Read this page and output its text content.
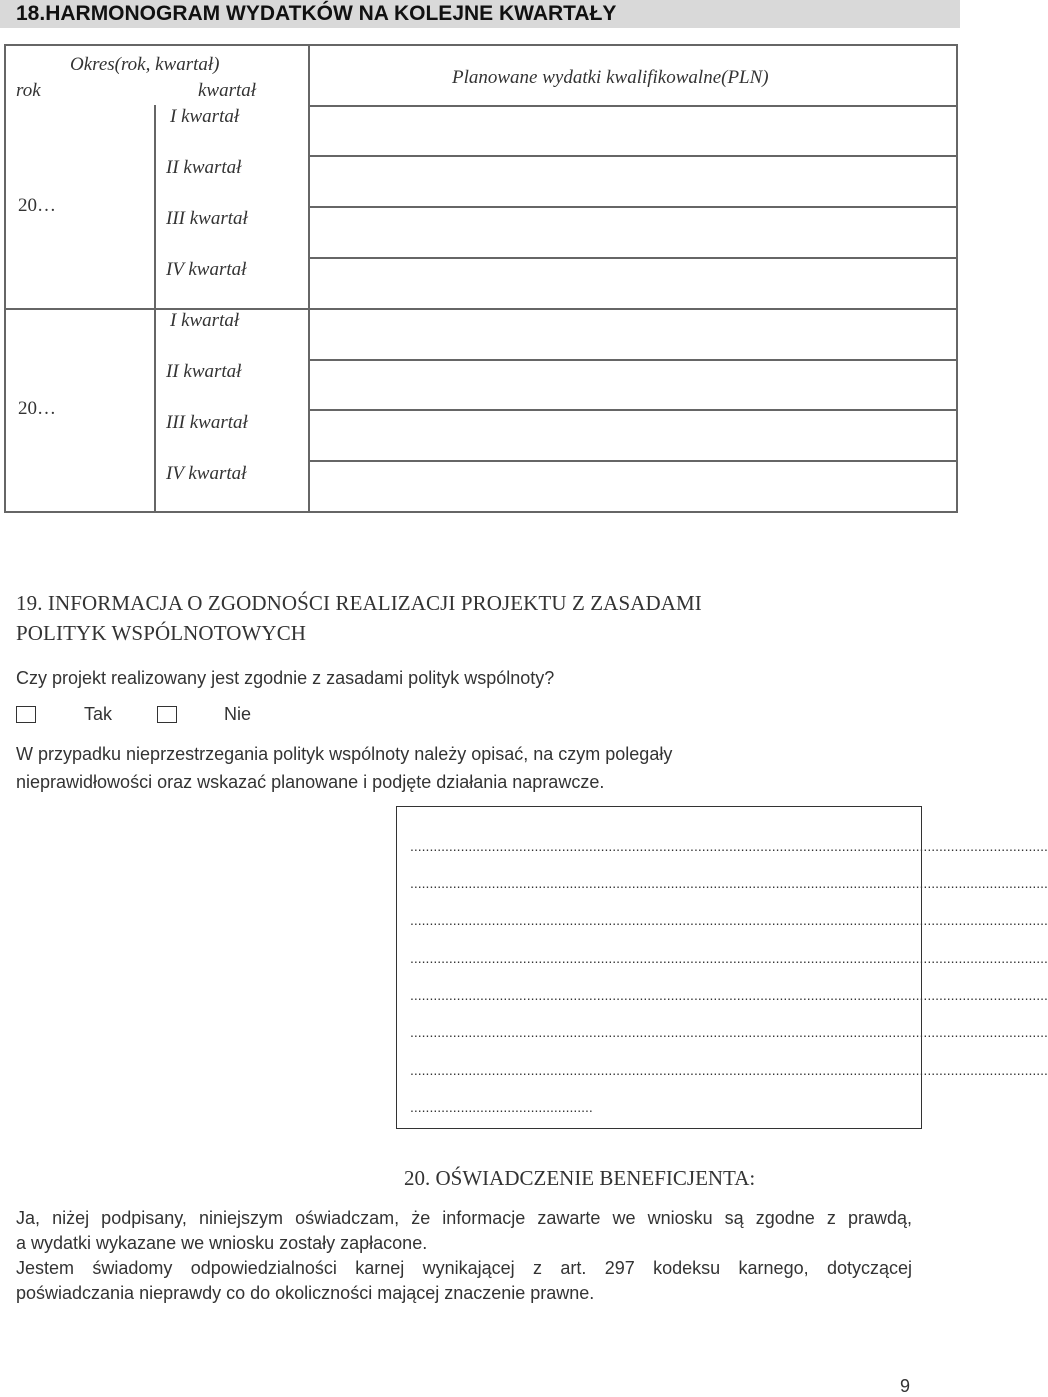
18.HARMONOGRAM WYDATKÓW NA KOLEJNE KWARTAŁY
Okres(rok, kwartał)
rok	kwartał
Planowane wydatki kwalifikowalne(PLN)
20…
I kwartał
II kwartał
III kwartał
IV kwartał
20…
I kwartał
II kwartał
III kwartał
IV kwartał
19. INFORMACJA O ZGODNOŚCI REALIZACJI PROJEKTU Z ZASADAMI
POLITYK WSPÓLNOTOWYCH
Czy projekt realizowany jest zgodnie z zasadami polityk wspólnoty?
Tak	Nie
W przypadku nieprzestrzegania polityk wspólnoty należy opisać, na czym polegały
nieprawidłowości oraz wskazać planowane i podjęte działania naprawcze.
....................................................................................................................................................................
....................................................................................................................................................................
....................................................................................................................................................................
....................................................................................................................................................................
....................................................................................................................................................................
....................................................................................................................................................................
....................................................................................................................................................................
...............................................
20. OŚWIADCZENIE BENEFICJENTA:
Ja, niżej podpisany, niniejszym oświadczam, że informacje zawarte we wniosku są zgodne z prawdą,
a wydatki wykazane we wniosku zostały zapłacone.
Jestem świadomy odpowiedzialności karnej wynikającej z art. 297 kodeksu karnego, dotyczącej
poświadczania nieprawdy co do okoliczności mającej znaczenie prawne.
9
